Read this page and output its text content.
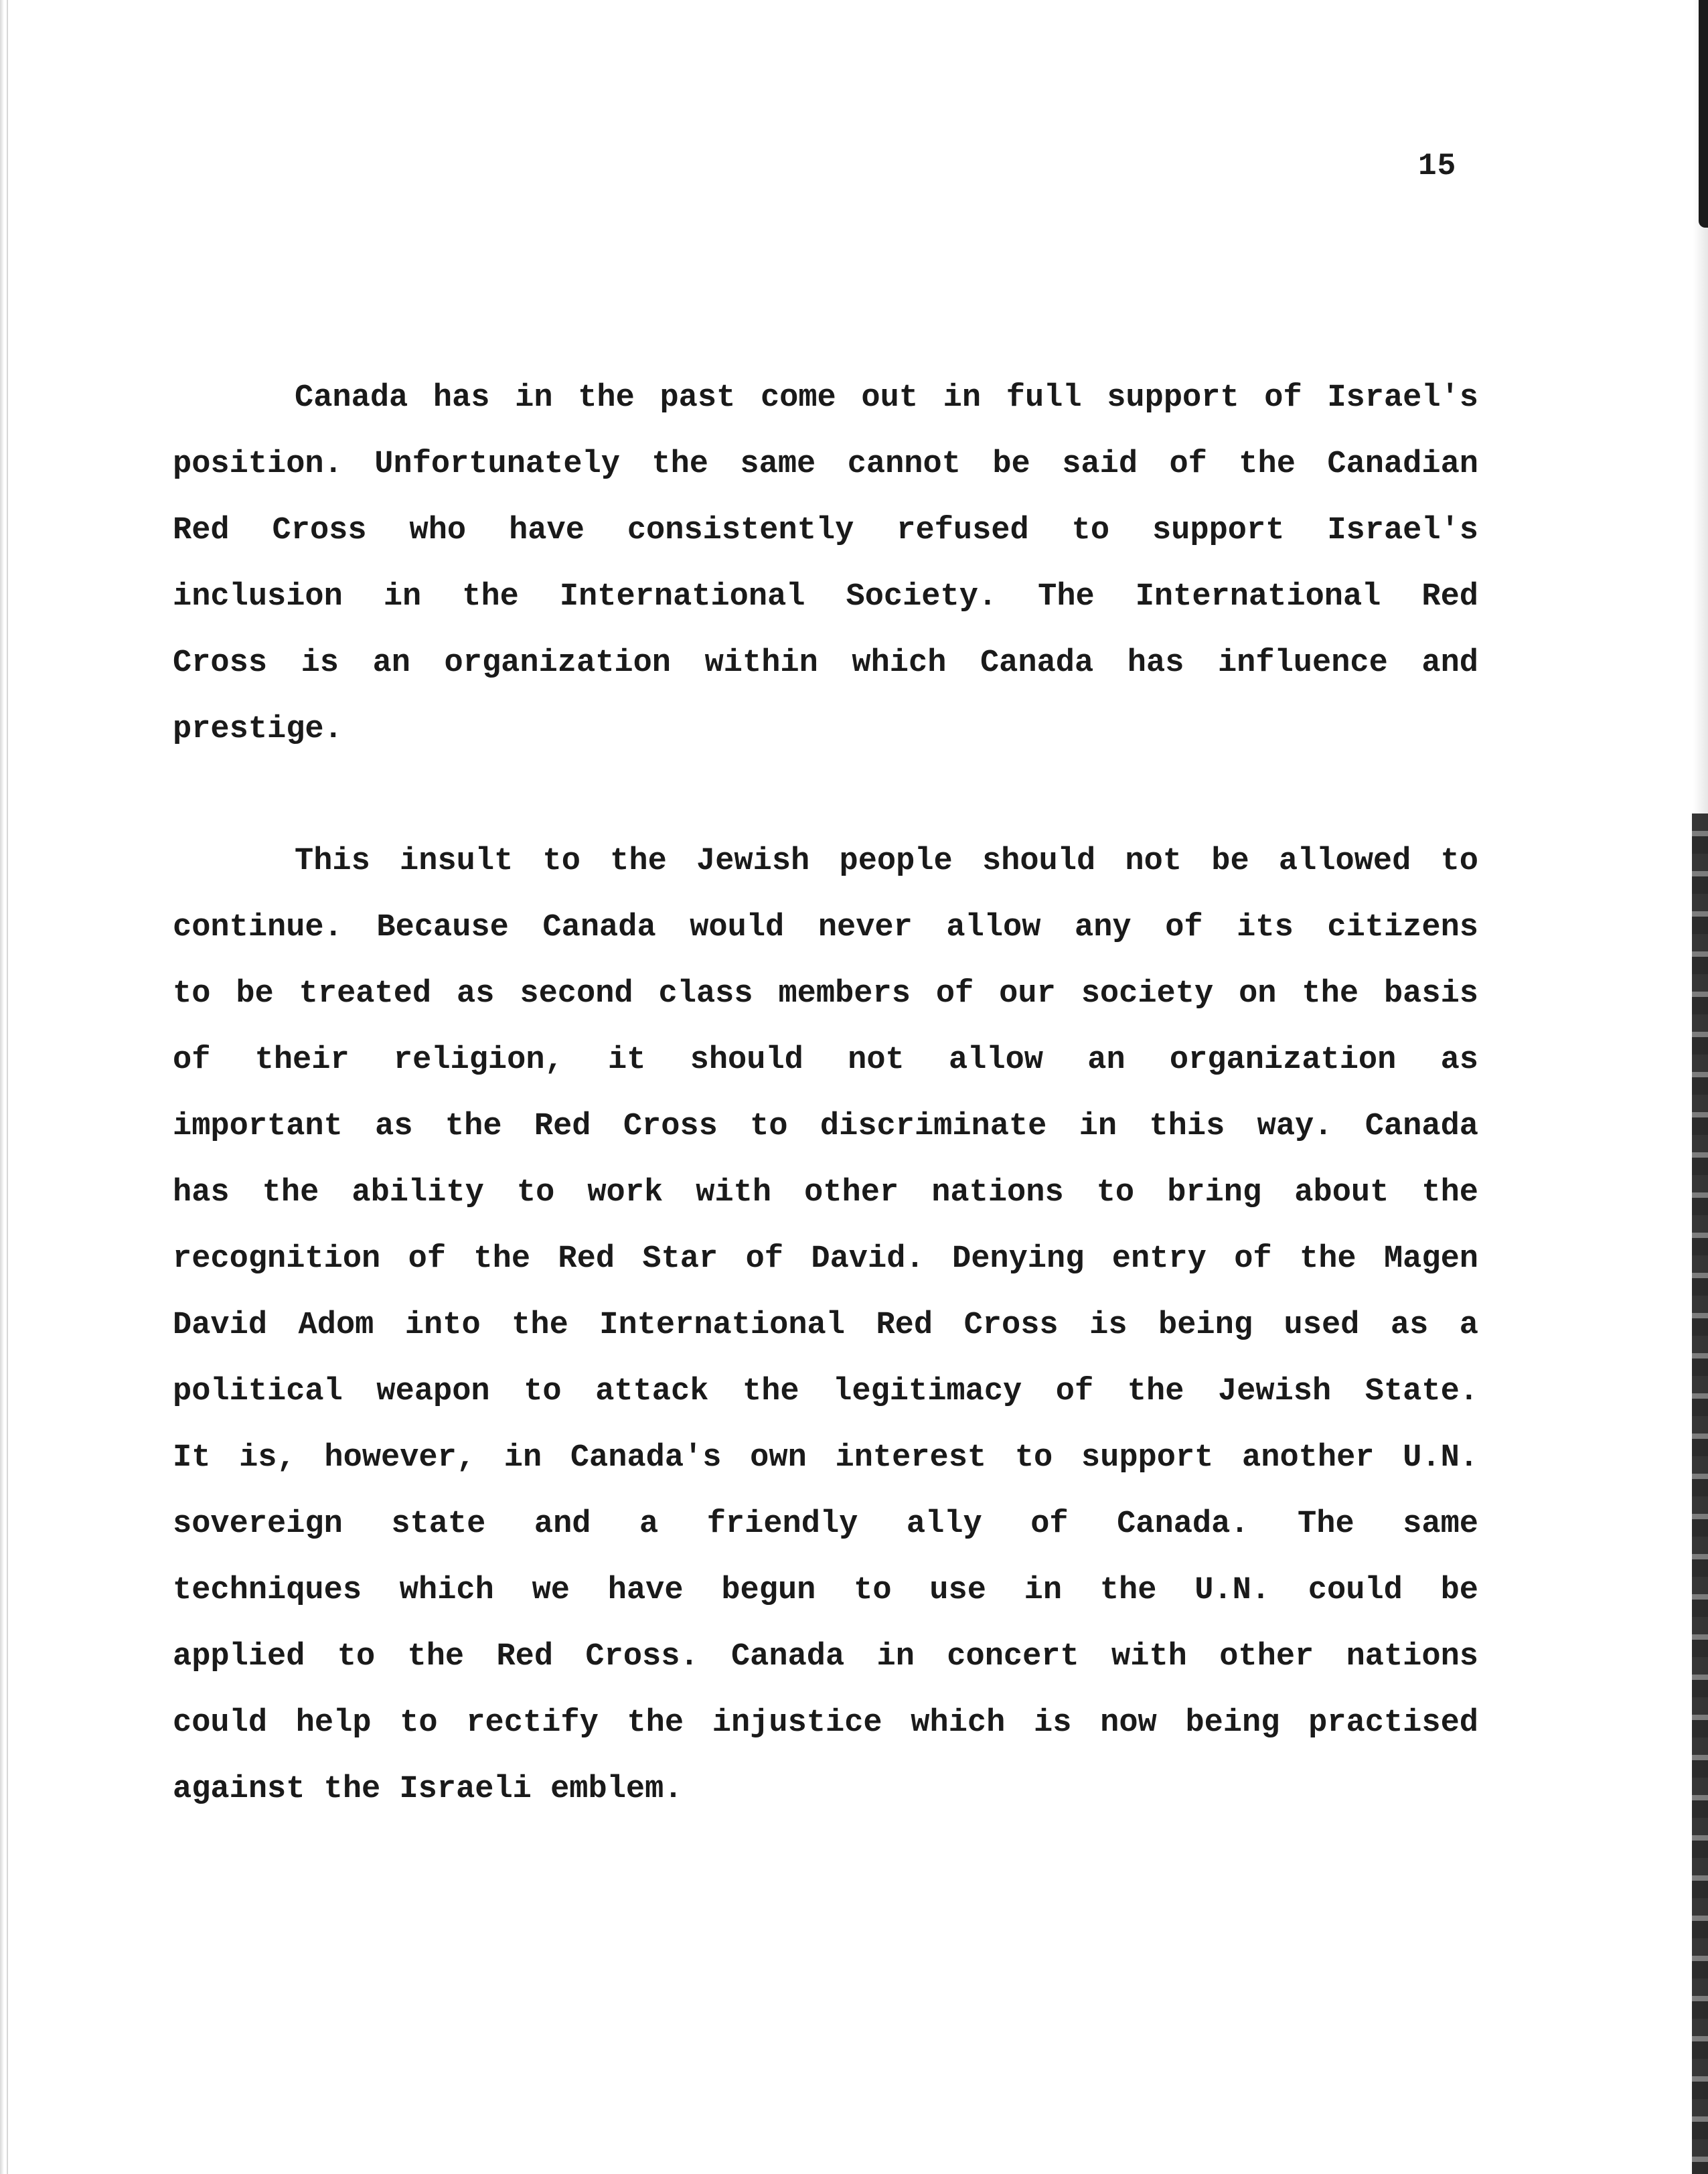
15
Canada has in the past come out in full support of Israel's
position. Unfortunately the same cannot be said of the Canadian
Red Cross who have consistently refused to support Israel's
inclusion in the International Society. The International Red
Cross is an organization within which Canada has influence and
prestige.
This insult to the Jewish people should not be allowed to
continue. Because Canada would never allow any of its citizens
to be treated as second class members of our society on the basis
of their religion, it should not allow an organization as
important as the Red Cross to discriminate in this way. Canada
has the ability to work with other nations to bring about the
recognition of the Red Star of David. Denying entry of the Magen
David Adom into the International Red Cross is being used as a
political weapon to attack the legitimacy of the Jewish State.
It is, however, in Canada's own interest to support another U.N.
sovereign state and a friendly ally of Canada. The same
techniques which we have begun to use in the U.N. could be
applied to the Red Cross. Canada in concert with other nations
could help to rectify the injustice which is now being practised
against the Israeli emblem.
